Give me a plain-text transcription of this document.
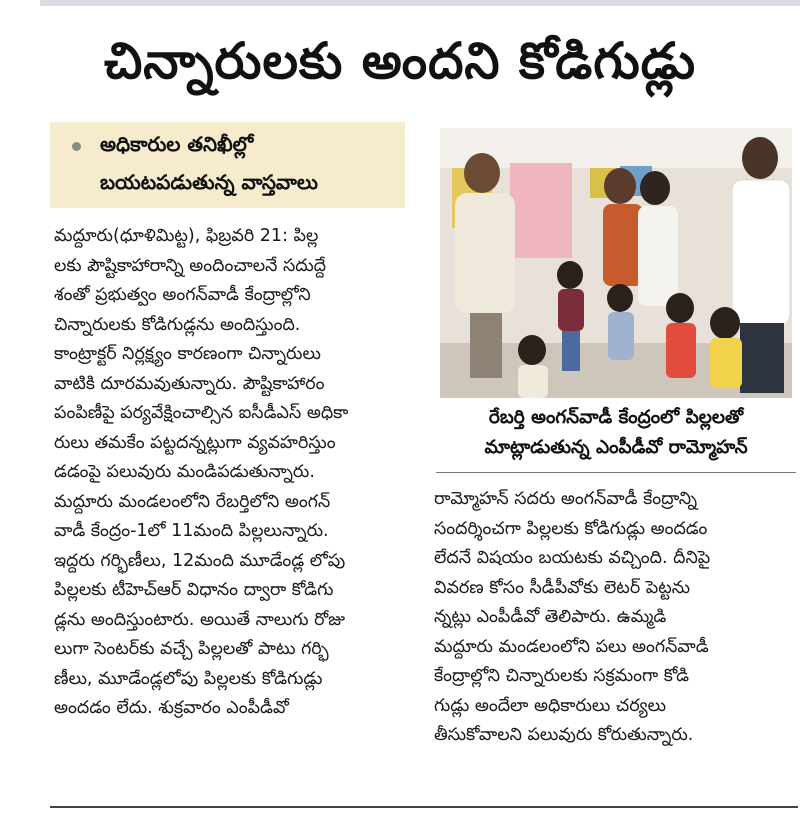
చిన్నారులకు అందని కోడిగుడ్లు
అధికారుల తనిఖీల్లో
బయటపడుతున్న వాస్తవాలు
మద్దూరు(ధూళిమిట్ట), ఫిబ్రవరి 21: పిల్ల
లకు పౌష్టికాహారాన్ని అందించాలనే సదుద్దే
శంతో ప్రభుత్వం అంగన్‌వాడీ కేంద్రాల్లోని
చిన్నారులకు కోడిగుడ్లను అందిస్తుంది.
కాంట్రాక్టర్ నిర్లక్ష్యం కారణంగా చిన్నారులు
వాటికి దూరమవుతున్నారు. పౌష్టికాహారం
పంపిణీపై పర్యవేక్షించాల్సిన ఐసీడీఎస్ అధికా
రులు తమకేం పట్టదన్నట్లుగా వ్యవహరిస్తుం
డడంపై పలువురు మండిపడుతున్నారు.
మద్దూరు మండలంలోని రేబర్తిలోని అంగన్
వాడీ కేంద్రం-1లో 11మంది పిల్లలున్నారు.
ఇద్దరు గర్భిణీలు, 12మంది మూడేండ్ల లోపు
పిల్లలకు టీహెచ్‌ఆర్ విధానం ద్వారా కోడిగు
డ్లను అందిస్తుంటారు. అయితే నాలుగు రోజు
లుగా సెంటర్‌కు వచ్చే పిల్లలతో పాటు గర్భి
ణీలు, మూడేండ్లలోపు పిల్లలకు కోడిగుడ్లు
అందడం లేదు. శుక్రవారం ఎంపీడీవో
రేబర్తి అంగన్‌వాడీ కేంద్రంలో పిల్లలతో
మాట్లాడుతున్న ఎంపీడీవో రామ్మోహన్
రామ్మోహన్ సదరు అంగన్‌వాడీ కేంద్రాన్ని
సందర్శించగా పిల్లలకు కోడిగుడ్లు అందడం
లేదనే విషయం బయటకు వచ్చింది. దీనిపై
వివరణ కోసం సీడీపీవోకు లెటర్ పెట్టను
న్నట్లు ఎంపీడీవో తెలిపారు. ఉమ్మడి
మద్దూరు మండలంలోని పలు అంగన్‌వాడీ
కేంద్రాల్లోని చిన్నారులకు సక్రమంగా కోడి
గుడ్లు అందేలా అధికారులు చర్యలు
తీసుకోవాలని పలువురు కోరుతున్నారు.
